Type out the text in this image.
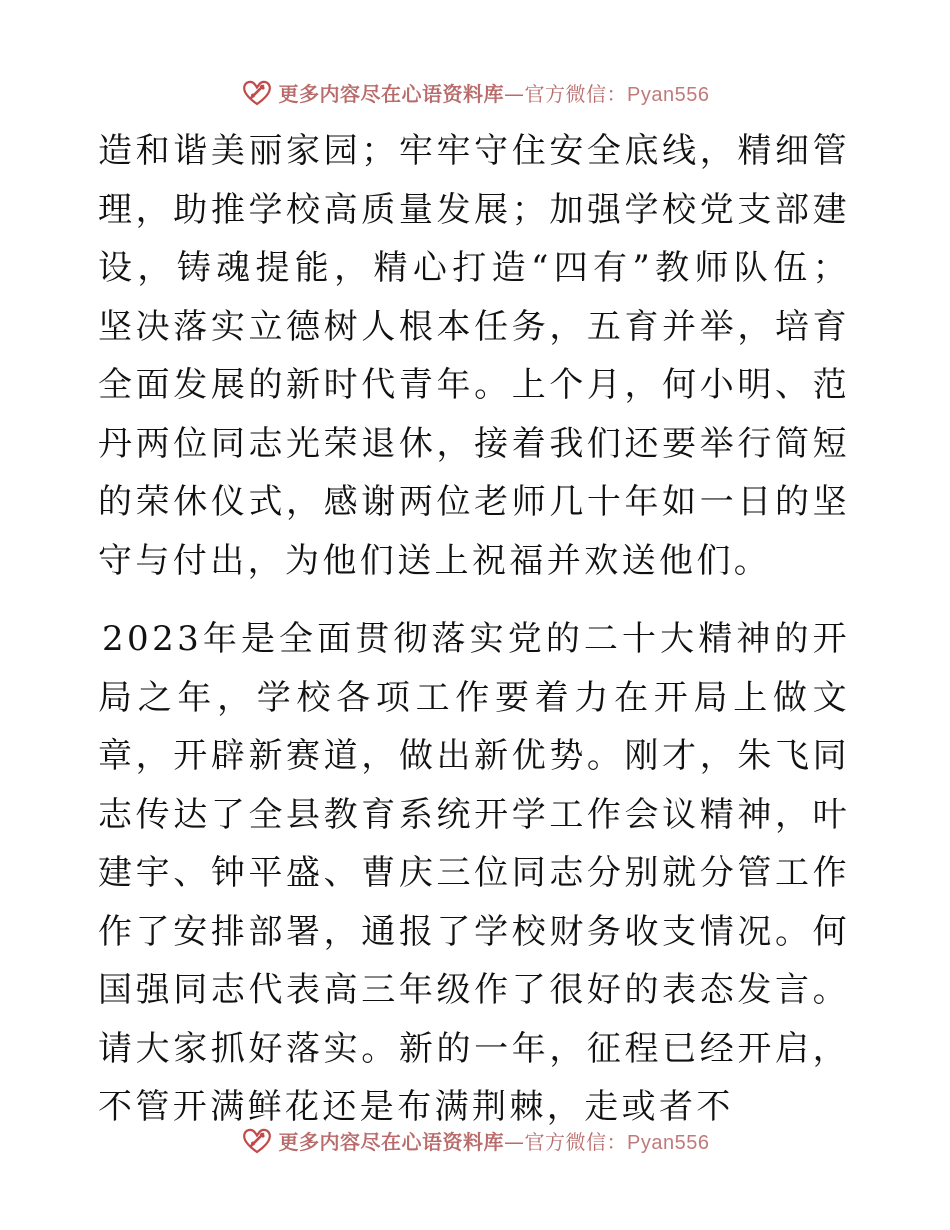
更多内容尽在心语资料库—官方微信：Pyan556

造和谐美丽家园；牢牢守住安全底线，精细管理，助推学校高质量发展；加强学校党支部建设，铸魂提能，精心打造“四有”教师队伍；坚决落实立德树人根本任务，五育并举，培育全面发展的新时代青年。上个月，何小明、范丹两位同志光荣退休，接着我们还要举行简短的荣休仪式，感谢两位老师几十年如一日的坚守与付出，为他们送上祝福并欢送他们。

2023年是全面贯彻落实党的二十大精神的开局之年，学校各项工作要着力在开局上做文章，开辟新赛道，做出新优势。刚才，朱飞同志传达了全县教育系统开学工作会议精神，叶建宇、钟平盛、曹庆三位同志分别就分管工作作了安排部署，通报了学校财务收支情况。何国强同志代表高三年级作了很好的表态发言。请大家抓好落实。新的一年，征程已经开启，不管开满鲜花还是布满荆棘，走或者不

更多内容尽在心语资料库—官方微信：Pyan556
